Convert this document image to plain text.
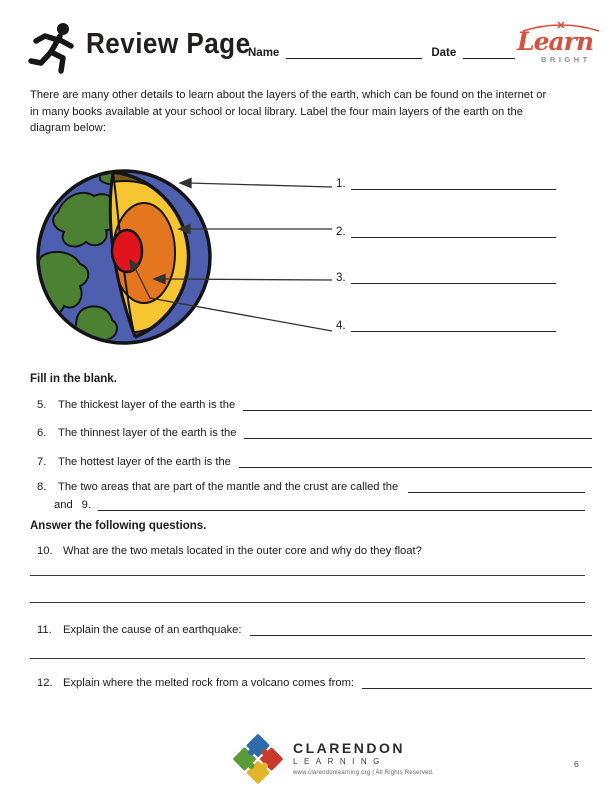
Review Page
Name	Date Learn
BRIGHT
There are many other details to learn about the layers of the earth, which can be found on the internet or
in many books available at your school or local library. Label the four main layers of the earth on the
diagram below:
1.
2.
3.
4.
Fill in the blank.
5.	The thickest layer of the earth is the
6.	The thinnest layer of the earth is the
7.	The hottest layer of the earth is the
8.	The two areas that are part of the mantle and the crust are called the
and 9.
Answer the following questions.
10. What are the two metals located in the outer core and why do they float?
11.	Explain the cause of an earthquake:
12. Explain where the melted rock from a volcano comes from:
CLARENDON
LEARNING
www.clarendonlearning.org | All Rights Reserved.
6
